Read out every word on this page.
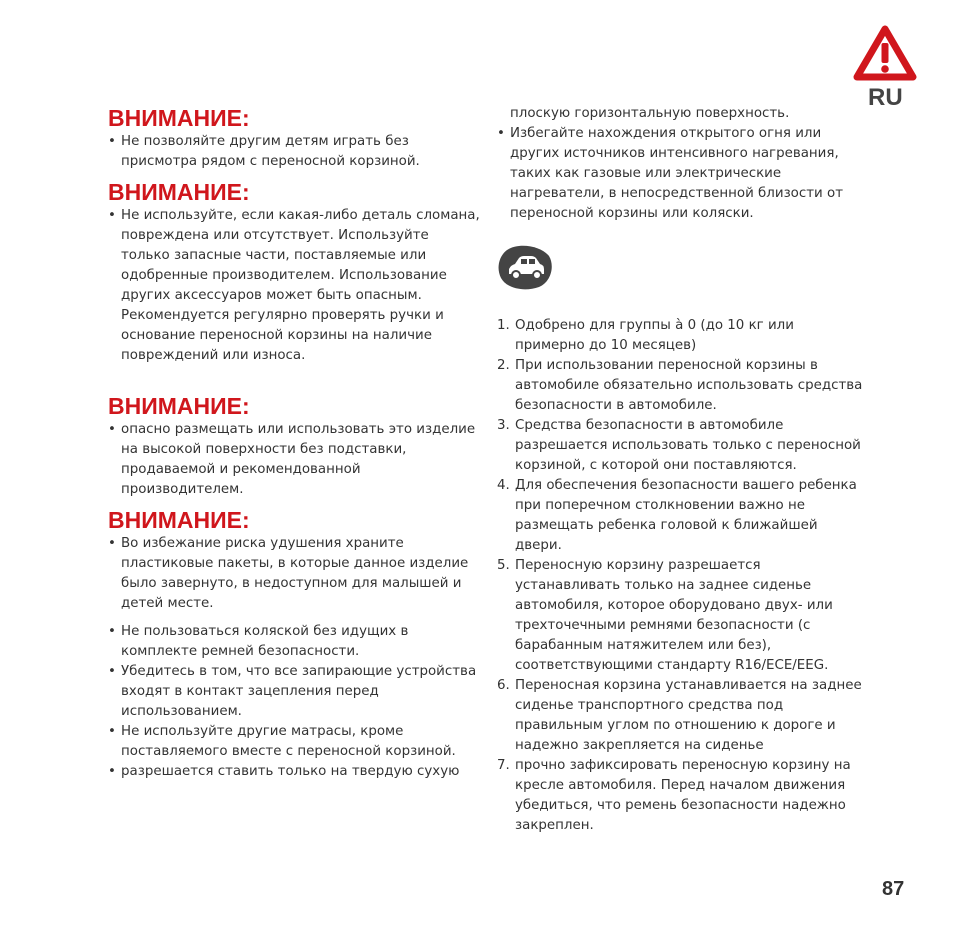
RU
ВНИМАНИЕ:
• Не позволяйте другим детям играть без присмотра рядом с переносной корзиной.
ВНИМАНИЕ:
• Не используйте, если какая-либо деталь сломана, повреждена или отсутствует. Используйте только запасные части, поставляемые или одобренные производителем. Использование других аксессуаров может быть опасным. Рекомендуется регулярно проверять ручки и основание переносной корзины на наличие повреждений или износа.
ВНИМАНИЕ:
• опасно размещать или использовать это изделие на высокой поверхности без подставки, продаваемой и рекомендованной производителем.
ВНИМАНИЕ:
• Во избежание риска удушения храните пластиковые пакеты, в которые данное изделие было завернуто, в недоступном для малышей и детей месте.
• Не пользоваться коляской без идущих в комплекте ремней безопасности.
• Убедитесь в том, что все запирающие устройства входят в контакт зацепления перед использованием.
• Не используйте другие матрасы, кроме поставляемого вместе с переносной корзиной.
• разрешается ставить только на твердую сухую
плоскую горизонтальную поверхность.
• Избегайте нахождения открытого огня или других источников интенсивного нагревания, таких как газовые или электрические нагреватели, в непосредственной близости от переносной корзины или коляски.
1. Одобрено для группы à 0 (до 10 кг или примерно до 10 месяцев)
2. При использовании переносной корзины в автомобиле обязательно использовать средства безопасности в автомобиле.
3. Средства безопасности в автомобиле разрешается использовать только с переносной корзиной, с которой они поставляются.
4. Для обеспечения безопасности вашего ребенка при поперечном столкновении важно не размещать ребенка головой к ближайшей двери.
5. Переносную корзину разрешается устанавливать только на заднее сиденье автомобиля, которое оборудовано двух- или трехточечными ремнями безопасности (с барабанным натяжителем или без), соответствующими стандарту R16/ECE/EEG.
6. Переносная корзина устанавливается на заднее сиденье транспортного средства под правильным углом по отношению к дороге и надежно закрепляется на сиденье
7. прочно зафиксировать переносную корзину на кресле автомобиля. Перед началом движения убедиться, что ремень безопасности надежно закреплен.
87
